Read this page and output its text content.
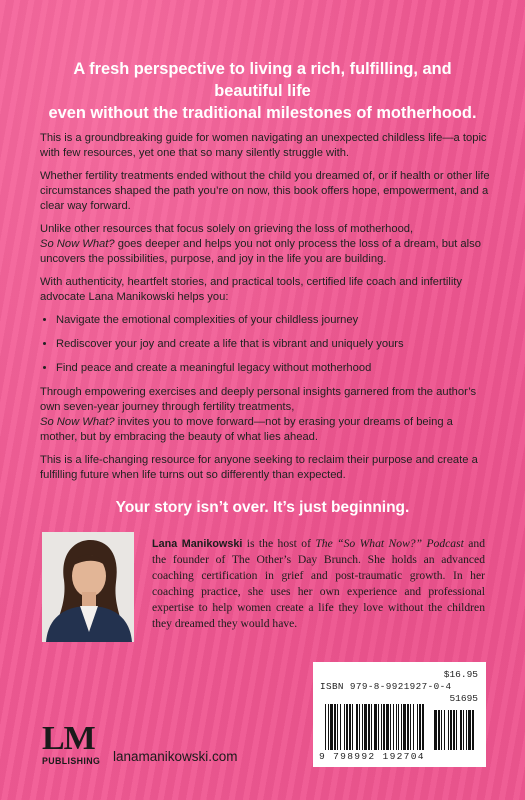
A fresh perspective to living a rich, fulfilling, and beautiful life
even without the traditional milestones of motherhood.

This is a groundbreaking guide for women navigating an unexpected childless life—a topic with few resources, yet one that so many silently struggle with.

Whether fertility treatments ended without the child you dreamed of, or if health or other life circumstances shaped the path you’re on now, this book offers hope, empowerment, and a clear way forward.

Unlike other resources that focus solely on grieving the loss of motherhood,
So Now What? goes deeper and helps you not only process the loss of a dream, but also uncovers the possibilities, purpose, and joy in the life you are building.

With authenticity, heartfelt stories, and practical tools, certified life coach and infertility advocate Lana Manikowski helps you:

• Navigate the emotional complexities of your childless journey
• Rediscover your joy and create a life that is vibrant and uniquely yours
• Find peace and create a meaningful legacy without motherhood

Through empowering exercises and deeply personal insights garnered from the author’s own seven-year journey through fertility treatments,
So Now What? invites you to move forward—not by erasing your dreams of being a mother, but by embracing the beauty of what lies ahead.

This is a life-changing resource for anyone seeking to reclaim their purpose and create a fulfilling future when life turns out so differently than expected.

Your story isn’t over. It’s just beginning.
Lana Manikowski is the host of The “So What Now?” Podcast and the founder of The Other’s Day Brunch. She holds an advanced coaching certification in grief and post-traumatic growth. In her coaching practice, she uses her own experience and professional expertise to help women create a life they love without the children they dreamed they would have.
LM
PUBLISHING lanamanikowski.com
$16.95
ISBN 979-8-9921927-0-4
51695
9 798992 192704
